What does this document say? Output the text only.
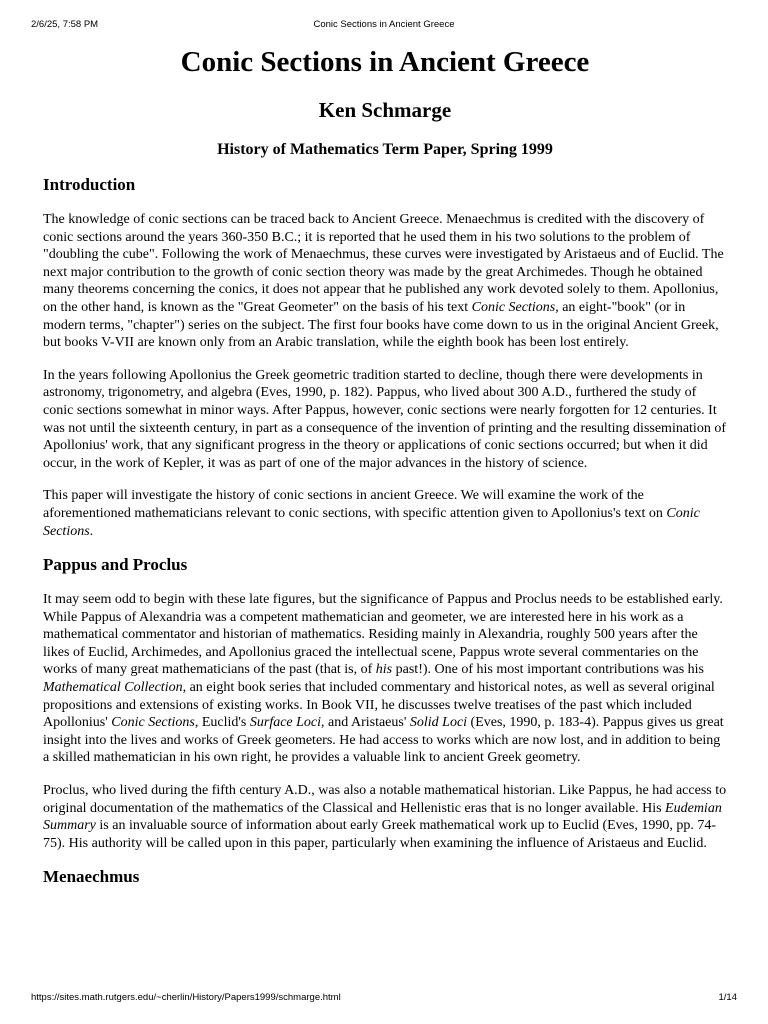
2/6/25, 7:58 PM	Conic Sections in Ancient Greece
Conic Sections in Ancient Greece
Ken Schmarge
History of Mathematics Term Paper, Spring 1999
Introduction

The knowledge of conic sections can be traced back to Ancient Greece. Menaechmus is credited with the discovery of conic sections around the years 360-350 B.C.; it is reported that he used them in his two solutions to the problem of "doubling the cube". Following the work of Menaechmus, these curves were investigated by Aristaeus and of Euclid. The next major contribution to the growth of conic section theory was made by the great Archimedes. Though he obtained many theorems concerning the conics, it does not appear that he published any work devoted solely to them. Apollonius, on the other hand, is known as the "Great Geometer" on the basis of his text Conic Sections, an eight-"book" (or in modern terms, "chapter") series on the subject. The first four books have come down to us in the original Ancient Greek, but books V-VII are known only from an Arabic translation, while the eighth book has been lost entirely.

In the years following Apollonius the Greek geometric tradition started to decline, though there were developments in astronomy, trigonometry, and algebra (Eves, 1990, p. 182). Pappus, who lived about 300 A.D., furthered the study of conic sections somewhat in minor ways. After Pappus, however, conic sections were nearly forgotten for 12 centuries. It was not until the sixteenth century, in part as a consequence of the invention of printing and the resulting dissemination of Apollonius' work, that any significant progress in the theory or applications of conic sections occurred; but when it did occur, in the work of Kepler, it was as part of one of the major advances in the history of science.

This paper will investigate the history of conic sections in ancient Greece. We will examine the work of the aforementioned mathematicians relevant to conic sections, with specific attention given to Apollonius's text on Conic Sections.

Pappus and Proclus

It may seem odd to begin with these late figures, but the significance of Pappus and Proclus needs to be established early. While Pappus of Alexandria was a competent mathematician and geometer, we are interested here in his work as a mathematical commentator and historian of mathematics. Residing mainly in Alexandria, roughly 500 years after the likes of Euclid, Archimedes, and Apollonius graced the intellectual scene, Pappus wrote several commentaries on the works of many great mathematicians of the past (that is, of his past!). One of his most important contributions was his Mathematical Collection, an eight book series that included commentary and historical notes, as well as several original propositions and extensions of existing works. In Book VII, he discusses twelve treatises of the past which included Apollonius' Conic Sections, Euclid's Surface Loci, and Aristaeus' Solid Loci (Eves, 1990, p. 183-4). Pappus gives us great insight into the lives and works of Greek geometers. He had access to works which are now lost, and in addition to being a skilled mathematician in his own right, he provides a valuable link to ancient Greek geometry.

Proclus, who lived during the fifth century A.D., was also a notable mathematical historian. Like Pappus, he had access to original documentation of the mathematics of the Classical and Hellenistic eras that is no longer available. His Eudemian Summary is an invaluable source of information about early Greek mathematical work up to Euclid (Eves, 1990, pp. 74- 75). His authority will be called upon in this paper, particularly when examining the influence of Aristaeus and Euclid.

Menaechmus
https://sites.math.rutgers.edu/~cherlin/History/Papers1999/schmarge.html	1/14
